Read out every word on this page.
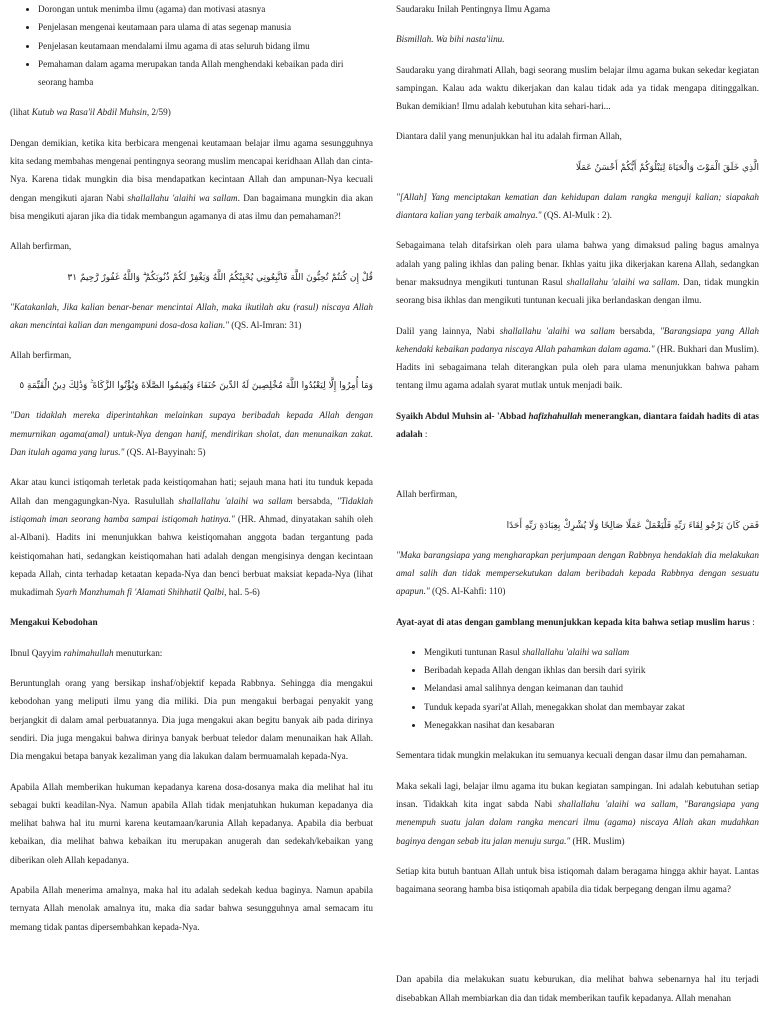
• Dorongan untuk menimba ilmu (agama) dan motivasi atasnya
• Penjelasan mengenai keutamaan para ulama di atas segenap manusia
• Penjelasan keutamaan mendalami ilmu agama di atas seluruh bidang ilmu
• Pemahaman dalam agama merupakan tanda Allah menghendaki kebaikan pada diri seorang hamba

(lihat Kutub wa Rasa'il Abdil Muhsin, 2/59)

Dengan demikian, ketika kita berbicara mengenai keutamaan belajar ilmu agama sesungguhnya kita sedang membahas mengenai pentingnya seorang muslim mencapai keridhaan Allah dan cinta-Nya. Karena tidak mungkin dia bisa mendapatkan kecintaan Allah dan ampunan-Nya kecuali dengan mengikuti ajaran Nabi shallallahu 'alaihi wa sallam. Dan bagaimana mungkin dia akan bisa mengikuti ajaran jika dia tidak membangun agamanya di atas ilmu dan pemahaman?!

Allah berfirman,

قُلْ إِن كُنتُمْ تُحِبُّونَ اللَّهَ فَاتَّبِعُونِي يُحْبِبْكُمُ اللَّهُ وَيَغْفِرْ لَكُمْ ذُنُوبَكُمْ ۗ وَاللَّهُ غَفُورٌ رَّحِيمٌ ٣١

"Katakanlah, Jika kalian benar-benar mencintai Allah, maka ikutilah aku (rasul) niscaya Allah akan mencintai kalian dan mengampuni dosa-dosa kalian." (QS. Al-Imran: 31)

Allah berfirman,

وَمَا أُمِرُوا إِلَّا لِيَعْبُدُوا اللَّهَ مُخْلِصِينَ لَهُ الدِّينَ حُنَفَاءَ وَيُقِيمُوا الصَّلَاةَ وَيُؤْتُوا الزَّكَاةَ ۚ وَذَٰلِكَ دِينُ الْقَيِّمَةِ ٥

"Dan tidaklah mereka diperintahkan melainkan supaya beribadah kepada Allah dengan memurnikan agama(amal) untuk-Nya dengan hanif, mendirikan sholat, dan menunaikan zakat. Dan itulah agama yang lurus." (QS. Al-Bayyinah: 5)

Akar atau kunci istiqomah terletak pada keistiqomahan hati; sejauh mana hati itu tunduk kepada Allah dan mengagungkan-Nya. Rasulullah shallallahu 'alaihi wa sallam bersabda, "Tidaklah istiqomah iman seorang hamba sampai istiqomah hatinya." (HR. Ahmad, dinyatakan sahih oleh al-Albani). Hadits ini menunjukkan bahwa keistiqomahan anggota badan tergantung pada keistiqomahan hati, sedangkan keistiqomahan hati adalah dengan mengisinya dengan kecintaan kepada Allah, cinta terhadap ketaatan kepada-Nya dan benci berbuat maksiat kepada-Nya (lihat mukadimah Syarh Manzhumah fi 'Alamati Shihhatil Qalbi, hal. 5-6)

Mengakui Kebodohan

Ibnul Qayyim rahimahullah menuturkan:

Beruntunglah orang yang bersikap inshaf/objektif kepada Rabbnya. Sehingga dia mengakui kebodohan yang meliputi ilmu yang dia miliki. Dia pun mengakui berbagai penyakit yang berjangkit di dalam amal perbuatannya. Dia juga mengakui akan begitu banyak aib pada dirinya sendiri. Dia juga mengakui bahwa dirinya banyak berbuat teledor dalam menunaikan hak Allah. Dia mengakui betapa banyak kezaliman yang dia lakukan dalam bermuamalah kepada-Nya.

Apabila Allah memberikan hukuman kepadanya karena dosa-dosanya maka dia melihat hal itu sebagai bukti keadilan-Nya. Namun apabila Allah tidak menjatuhkan hukuman kepadanya dia melihat bahwa hal itu murni karena keutamaan/karunia Allah kepadanya. Apabila dia berbuat kebaikan, dia melihat bahwa kebaikan itu merupakan anugerah dan sedekah/kebaikan yang diberikan oleh Allah kepadanya.

Apabila Allah menerima amalnya, maka hal itu adalah sedekah kedua baginya. Namun apabila ternyata Allah menolak amalnya itu, maka dia sadar bahwa sesungguhnya amal semacam itu memang tidak pantas dipersembahkan kepada-Nya.

Saudaraku Inilah Pentingnya Ilmu Agama

Bismillah. Wa bihi nasta'iinu.

Saudaraku yang dirahmati Allah, bagi seorang muslim belajar ilmu agama bukan sekedar kegiatan sampingan. Kalau ada waktu dikerjakan dan kalau tidak ada ya tidak mengapa ditinggalkan. Bukan demikian! Ilmu adalah kebutuhan kita sehari-hari...

Diantara dalil yang menunjukkan hal itu adalah firman Allah,

الَّذِي خَلَقَ الْمَوْتَ وَالْحَيَاةَ لِيَبْلُوَكُمْ أَيُّكُمْ أَحْسَنُ عَمَلًا

"[Allah] Yang menciptakan kematian dan kehidupan dalam rangka menguji kalian; siapakah diantara kalian yang terbaik amalnya." (QS. Al-Mulk : 2).

Sebagaimana telah ditafsirkan oleh para ulama bahwa yang dimaksud paling bagus amalnya adalah yang paling ikhlas dan paling benar. Ikhlas yaitu jika dikerjakan karena Allah, sedangkan benar maksudnya mengikuti tuntunan Rasul shallallahu 'alaihi wa sallam. Dan, tidak mungkin seorang bisa ikhlas dan mengikuti tuntunan kecuali jika berlandaskan dengan ilmu.

Dalil yang lainnya, Nabi shallallahu 'alaihi wa sallam bersabda, "Barangsiapa yang Allah kehendaki kebaikan padanya niscaya Allah pahamkan dalam agama." (HR. Bukhari dan Muslim). Hadits ini sebagaimana telah diterangkan pula oleh para ulama menunjukkan bahwa paham tentang ilmu agama adalah syarat mutlak untuk menjadi baik.

Syaikh Abdul Muhsin al- 'Abbad hafizhahullah menerangkan, diantara faidah hadits di atas adalah :

Allah berfirman,

فَمَن كَانَ يَرْجُو لِقَاءَ رَبِّهِ فَلْيَعْمَلْ عَمَلًا صَالِحًا وَلَا يُشْرِكْ بِعِبَادَةِ رَبِّهِ أَحَدًا

"Maka barangsiapa yang mengharapkan perjumpaan dengan Rabbnya hendaklah dia melakukan amal salih dan tidak mempersekutukan dalam beribadah kepada Rabbnya dengan sesuatu apapun." (QS. Al-Kahfi: 110)

Ayat-ayat di atas dengan gamblang menunjukkan kepada kita bahwa setiap muslim harus :

• Mengikuti tuntunan Rasul shallallahu 'alaihi wa sallam
• Beribadah kepada Allah dengan ikhlas dan bersih dari syirik
• Melandasi amal salihnya dengan keimanan dan tauhid
• Tunduk kepada syari'at Allah, menegakkan sholat dan membayar zakat
• Menegakkan nasihat dan kesabaran

Sementara tidak mungkin melakukan itu semuanya kecuali dengan dasar ilmu dan pemahaman.

Maka sekali lagi, belajar ilmu agama itu bukan kegiatan sampingan. Ini adalah kebutuhan setiap insan. Tidakkah kita ingat sabda Nabi shallallahu 'alaihi wa sallam, "Barangsiapa yang menempuh suatu jalan dalam rangka mencari ilmu (agama) niscaya Allah akan mudahkan baginya dengan sebab itu jalan menuju surga." (HR. Muslim)

Setiap kita butuh bantuan Allah untuk bisa istiqomah dalam beragama hingga akhir hayat. Lantas bagaimana seorang hamba bisa istiqomah apabila dia tidak berpegang dengan ilmu agama?

Dan apabila dia melakukan suatu keburukan, dia melihat bahwa sebenarnya hal itu terjadi disebabkan Allah membiarkan dia dan tidak memberikan taufik kepadanya. Allah menahan
